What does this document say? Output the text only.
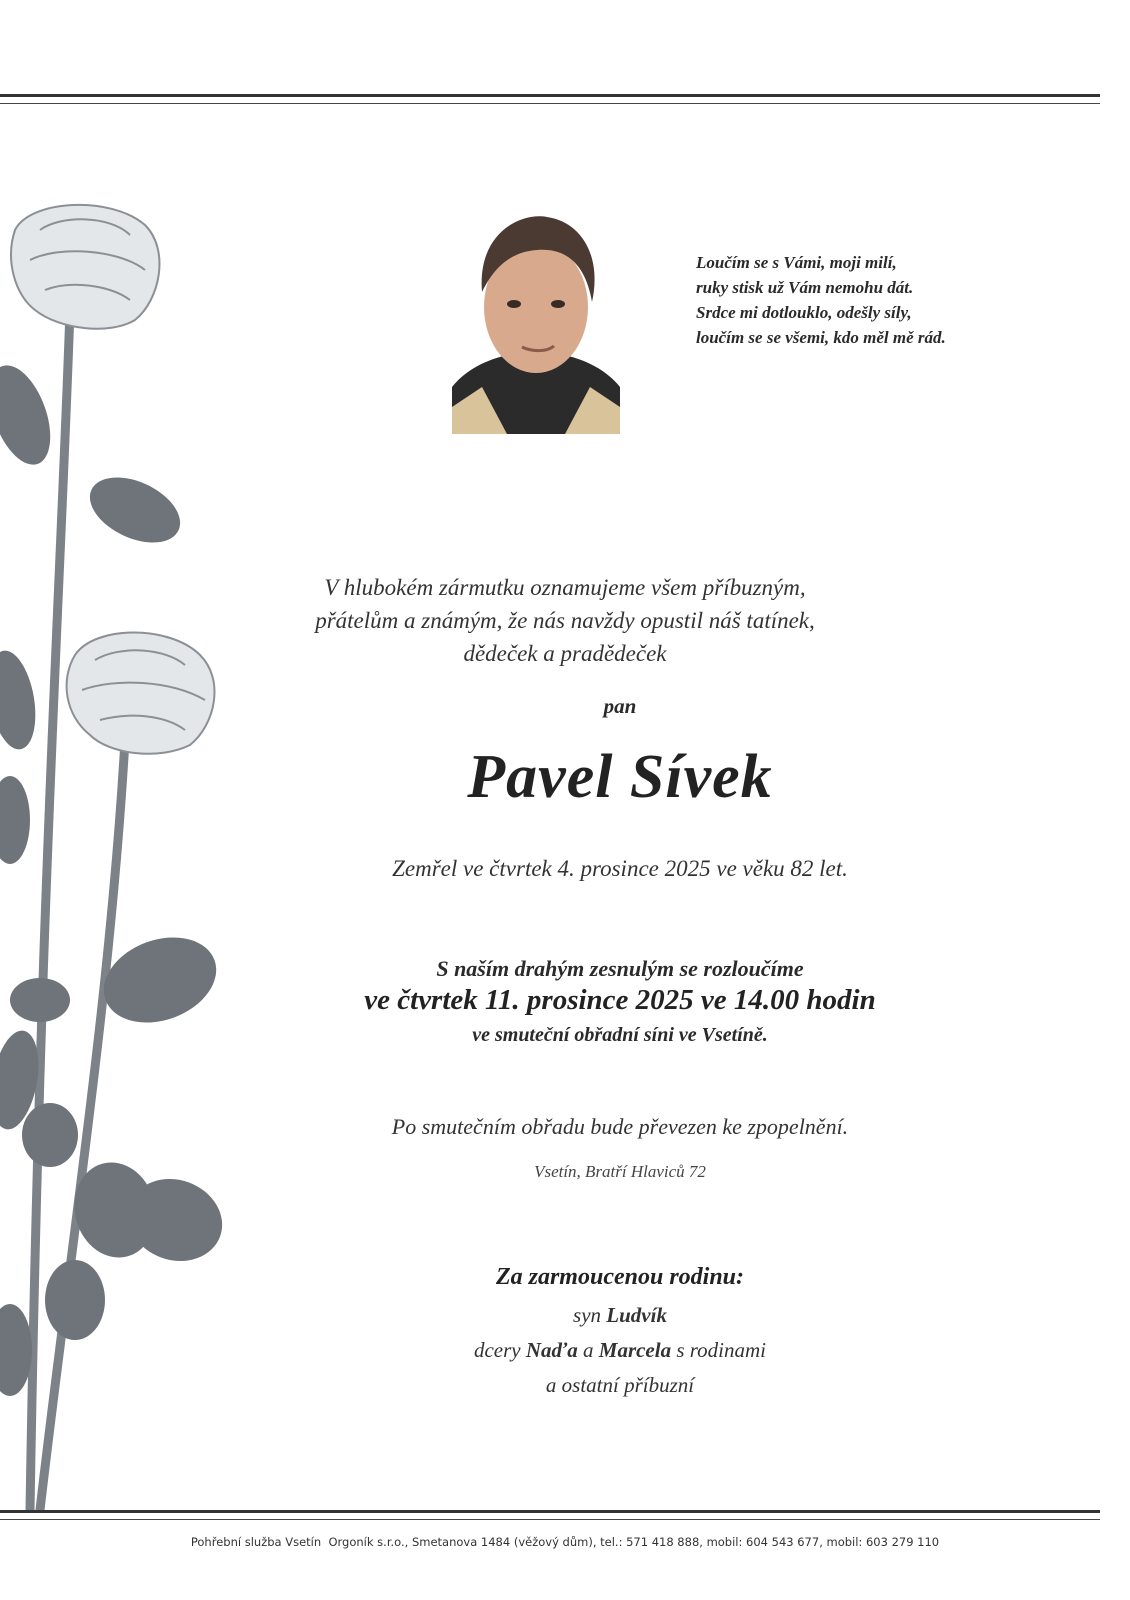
Loučím se s Vámi, moji milí,
ruky stisk už Vám nemohu dát.
Srdce mi dotlouklo, odešly síly,
loučím se se všemi, kdo měl mě rád.
V hlubokém zármutku oznamujeme všem příbuzným,
přátelům a známým, že nás navždy opustil náš tatínek,
dědeček a pradědeček
pan
Pavel Sívek
Zemřel ve čtvrtek 4. prosince 2025 ve věku 82 let.
S naším drahým zesnulým se rozloučíme
ve čtvrtek 11. prosince 2025 ve 14.00 hodin
ve smuteční obřadní síni ve Vsetíně.
Po smutečním obřadu bude převezen ke zpopelnění.
Vsetín, Bratří Hlaviců 72
Za zarmoucenou rodinu:
syn Ludvík
dcery Naďa a Marcela s rodinami
a ostatní příbuzní
Pohřební služba Vsetín  Orgoník s.r.o., Smetanova 1484 (věžový dům), tel.: 571 418 888, mobil: 604 543 677, mobil: 603 279 110
